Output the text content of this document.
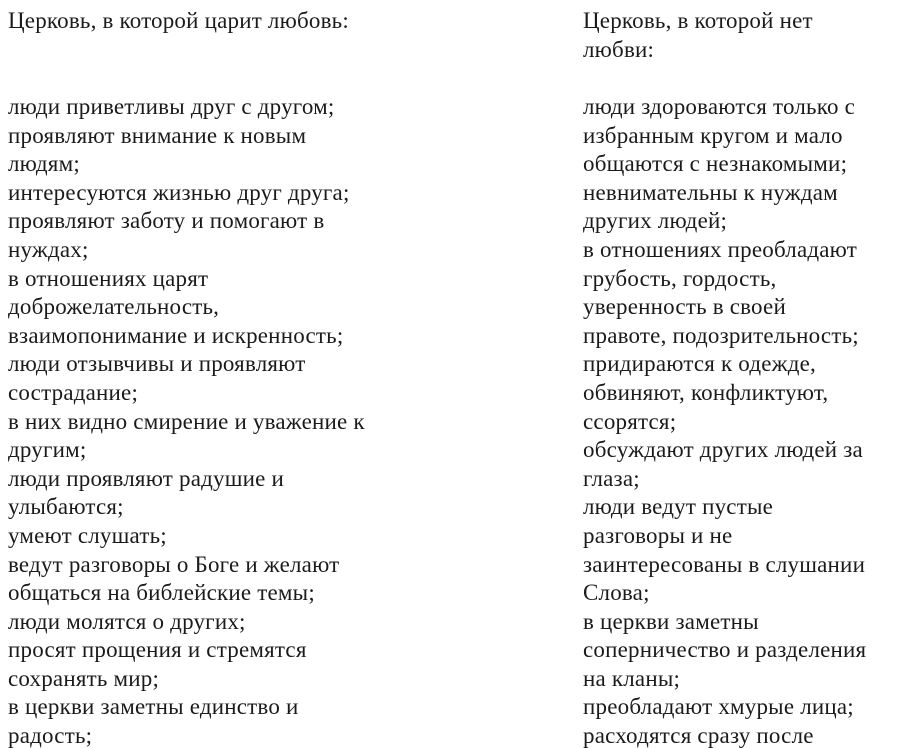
Церковь, в которой царит любовь:
люди приветливы друг с другом;
проявляют внимание к новым
людям;
интересуются жизнью друг друга;
проявляют заботу и помогают в
нуждах;
в отношениях царят
доброжелательность,
взаимопонимание и искренность;
люди отзывчивы и проявляют
сострадание;
в них видно смирение и уважение к
другим;
люди проявляют радушие и
улыбаются;
умеют слушать;
ведут разговоры о Боге и желают
общаться на библейские темы;
люди молятся о других;
просят прощения и стремятся
сохранять мир;
в церкви заметны единство и
радость;
Церковь, в которой нет
любви:
люди здороваются только с
избранным кругом и мало
общаются с незнакомыми;
невнимательны к нуждам
других людей;
в отношениях преобладают
грубость, гордость,
уверенность в своей
правоте, подозрительность;
придираются к одежде,
обвиняют, конфликтуют,
ссорятся;
обсуждают других людей за
глаза;
люди ведут пустые
разговоры и не
заинтересованы в слушании
Слова;
в церкви заметны
соперничество и разделения
на кланы;
преобладают хмурые лица;
расходятся сразу после
